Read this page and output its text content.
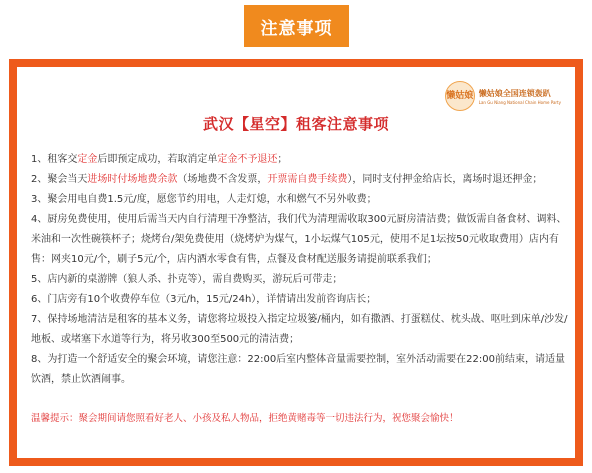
注意事项
懒姑娘 懒姑娘全国连锁轰趴
Lan Gu Niang National Chain Home Party
武汉【星空】租客注意事项
1、租客交定金后即预定成功，若取消定单定金不予退还；
2、聚会当天进场时付场地费余款（场地费不含发票，开票需自费手续费），同时支付押金给店长，离场时退还押金；
3、聚会用电自费1.5元/度，愿您节约用电，人走灯熄，水和燃气不另外收费；
4、厨房免费使用，使用后需当天内自行清理干净整洁，我们代为清理需收取300元厨房清洁费；做饭需自备食材、调料、米油和一次性碗筷杯子；烧烤台/架免费使用（烧烤炉为煤气，1小坛煤气105元，使用不足1坛按50元收取费用）店内有售：网夹10元/个，刷子5元/个，店内酒水零食有售，点餐及食材配送服务请提前联系我们；
5、店内新的桌游牌（狼人杀、扑克等），需自费购买，游玩后可带走；
6、门店旁有10个收费停车位（3元/h，15元/24h），详情请出发前咨询店长；
7、保持场地清洁是租客的基本义务，请您将垃圾投入指定垃圾篓/桶内，如有撒酒、打蛋糕仗、枕头战、呕吐到床单/沙发/地板、或堵塞下水道等行为，将另收300至500元的清洁费；
8、为打造一个舒适安全的聚会环境，请您注意：22:00后室内整体音量需要控制，室外活动需要在22:00前结束，请适量饮酒，禁止饮酒闹事。
温馨提示：聚会期间请您照看好老人、小孩及私人物品，拒绝黄赌毒等一切违法行为，祝您聚会愉快！
